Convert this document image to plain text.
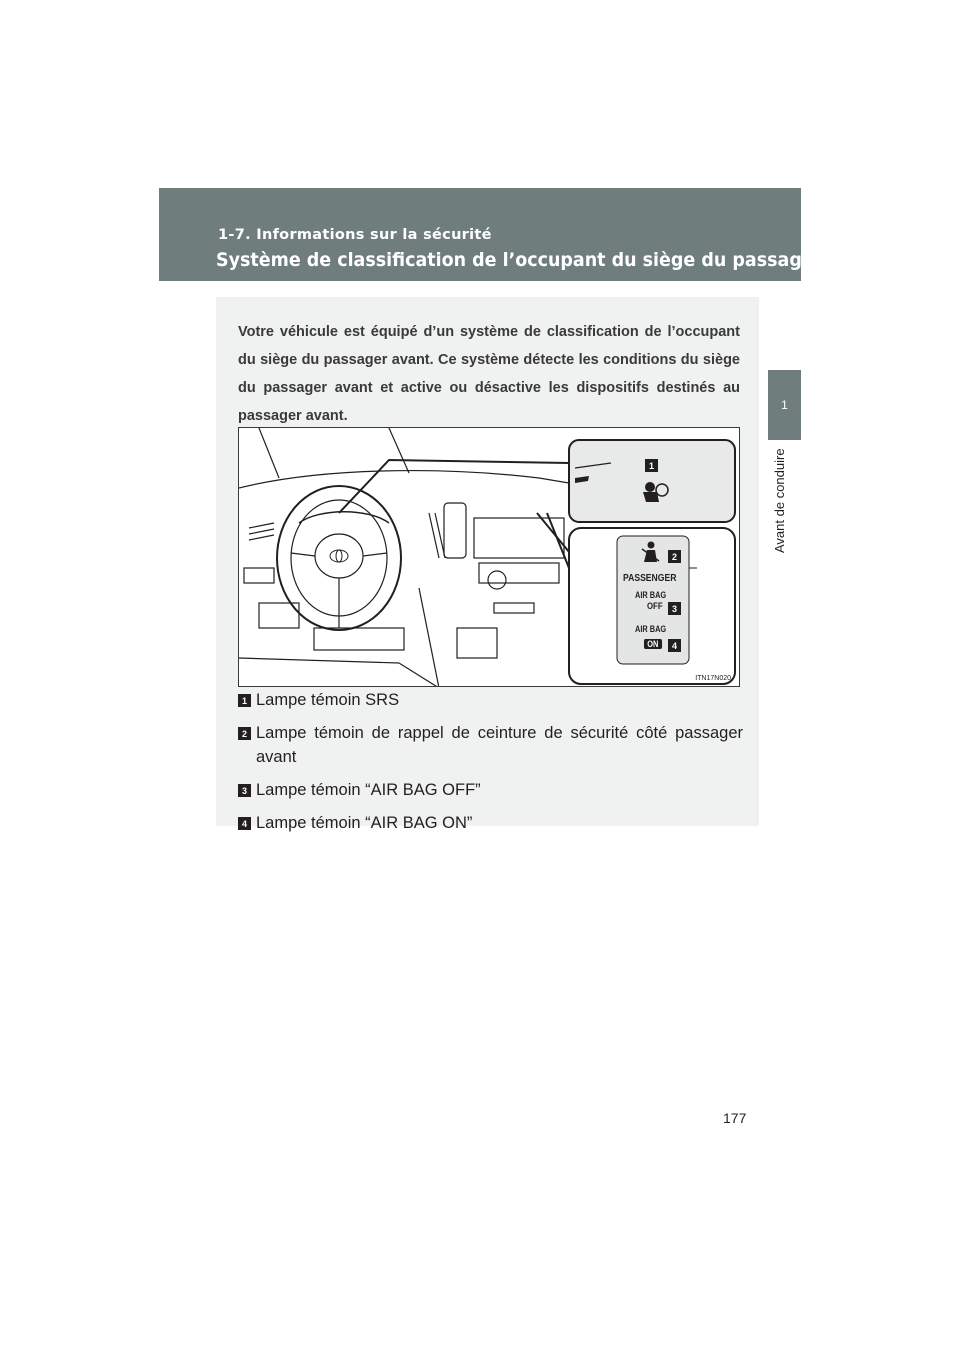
1-7. Informations sur la sécurité
Système de classification de l’occupant du siège du passager avant
1
Avant de conduire
Votre véhicule est équipé d’un système de classification de l’occupant du siège du passager avant. Ce système détecte les conditions du siège du passager avant et active ou désactive les dispositifs destinés au passager avant.
1
2
3
4
PASSENGER
AIR BAG
OFF
AIR BAG
ON
ITN17N020
1 Lampe témoin SRS
2 Lampe témoin de rappel de ceinture de sécurité côté passager avant
3 Lampe témoin “AIR BAG OFF”
4 Lampe témoin “AIR BAG ON”
177
